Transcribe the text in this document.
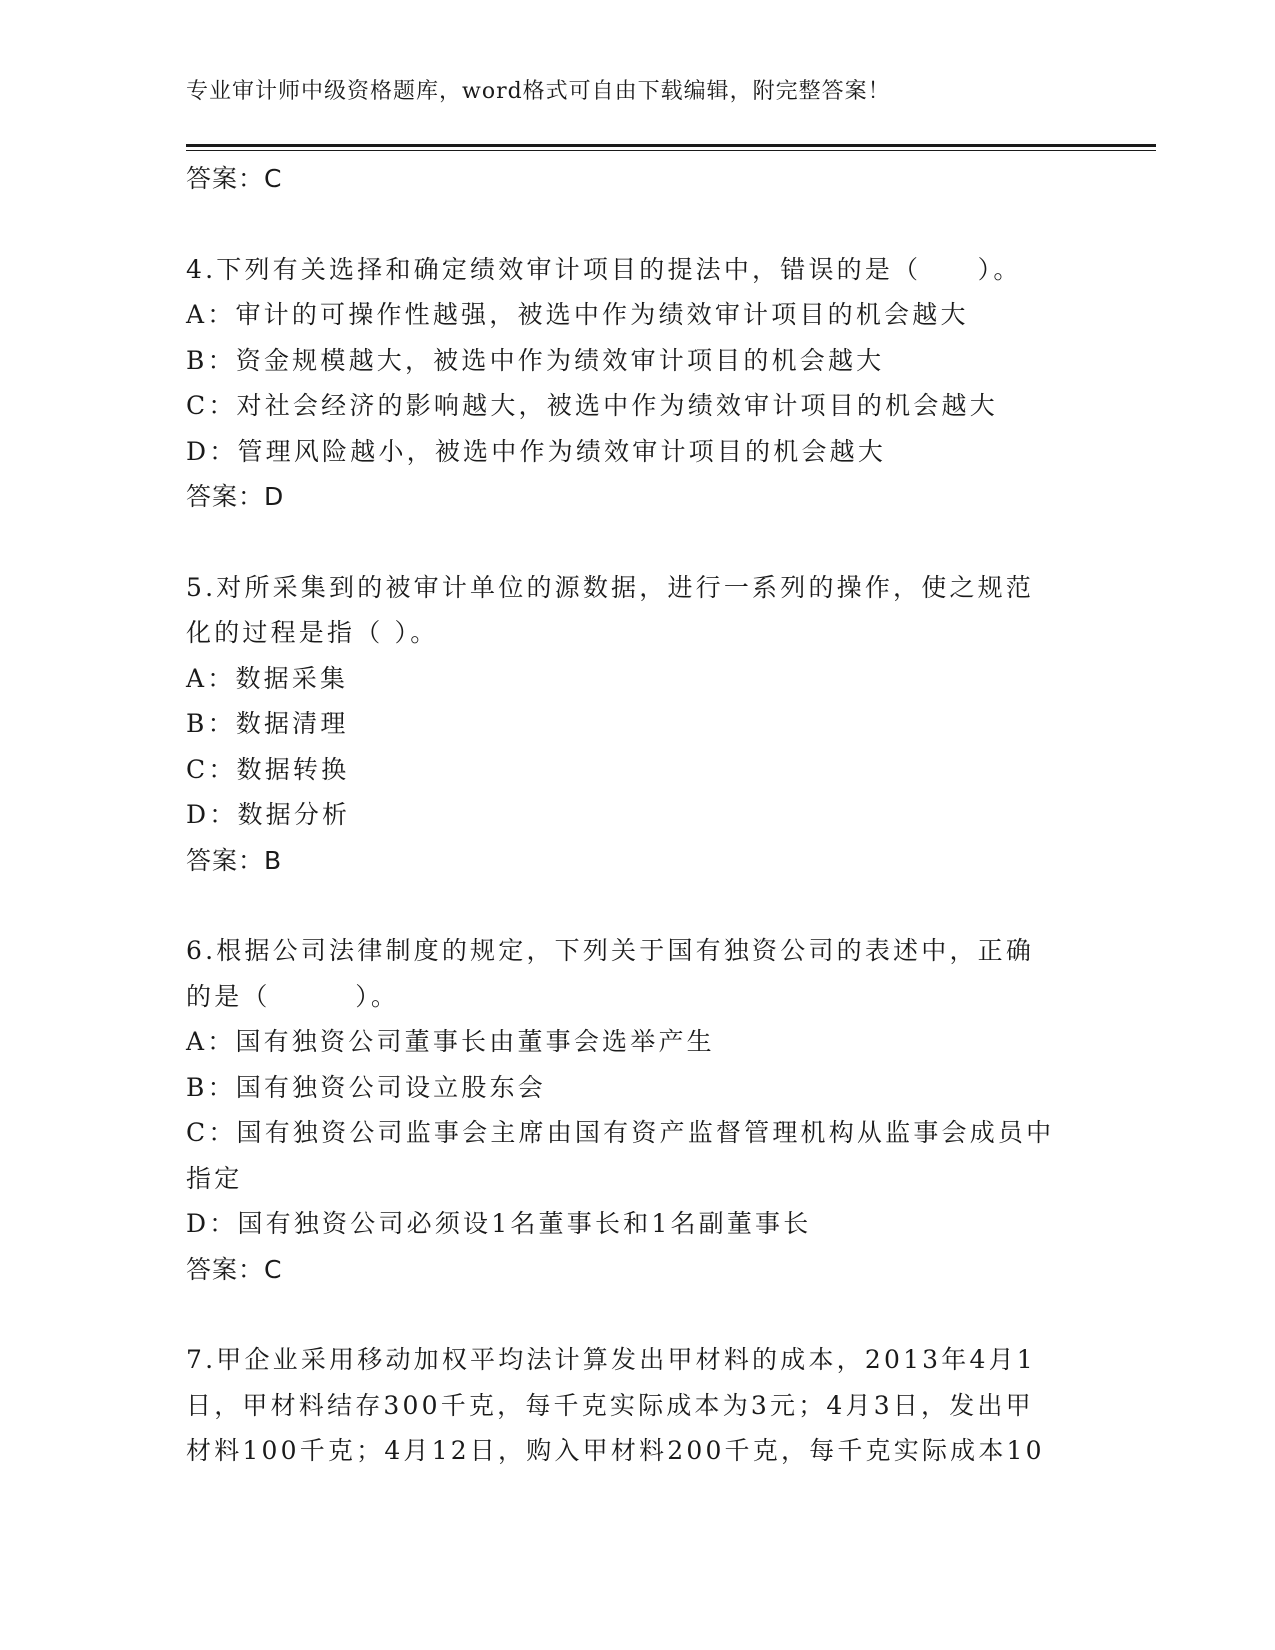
专业审计师中级资格题库，word格式可自由下载编辑，附完整答案！
答案：C
4.下列有关选择和确定绩效审计项目的提法中，错误的是（　　）。
A：审计的可操作性越强，被选中作为绩效审计项目的机会越大
B：资金规模越大，被选中作为绩效审计项目的机会越大
C：对社会经济的影响越大，被选中作为绩效审计项目的机会越大
D：管理风险越小，被选中作为绩效审计项目的机会越大
答案：D
5.对所采集到的被审计单位的源数据，进行一系列的操作，使之规范
化的过程是指（ ）。
A：数据采集
B：数据清理
C：数据转换
D：数据分析
答案：B
6.根据公司法律制度的规定，下列关于国有独资公司的表述中，正确
的是（　　　）。
A：国有独资公司董事长由董事会选举产生
B：国有独资公司设立股东会
C：国有独资公司监事会主席由国有资产监督管理机构从监事会成员中
指定
D：国有独资公司必须设1名董事长和1名副董事长
答案：C
7.甲企业采用移动加权平均法计算发出甲材料的成本，2013年4月1
日，甲材料结存300千克，每千克实际成本为3元；4月3日，发出甲
材料100千克；4月12日，购入甲材料200千克，每千克实际成本10
